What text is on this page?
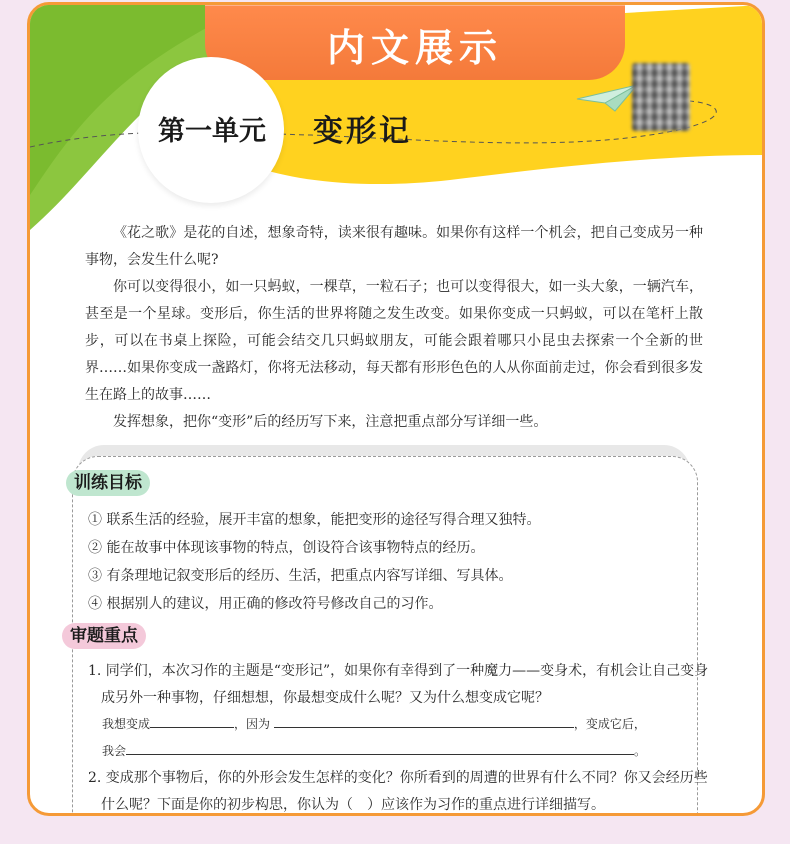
内文展示
第一单元	变形记

《花之歌》是花的自述，想象奇特，读来很有趣味。如果你有这样一个机会，把自己变成另一种事物，会发生什么呢?

你可以变得很小，如一只蚂蚁，一棵草，一粒石子；也可以变得很大，如一头大象，一辆汽车，甚至是一个星球。变形后，你生活的世界将随之发生改变。如果你变成一只蚂蚁，可以在笔杆上散步，可以在书桌上探险，可能会结交几只蚂蚁朋友，可能会跟着哪只小昆虫去探索一个全新的世界……如果你变成一盏路灯，你将无法移动，每天都有形形色色的人从你面前走过，你会看到很多发生在路上的故事……

发挥想象，把你“变形”后的经历写下来，注意把重点部分写详细一些。

训练目标
① 联系生活的经验，展开丰富的想象，能把变形的途径写得合理又独特。
② 能在故事中体现该事物的特点，创设符合该事物特点的经历。
③ 有条理地记叙变形后的经历、生活，把重点内容写详细、写具体。
④ 根据别人的建议，用正确的修改符号修改自己的习作。
审题重点
1. 同学们，本次习作的主题是“变形记”，如果你有幸得到了一种魔力——变身术，有机会让自己变身成另外一种事物，仔细想想，你最想变成什么呢？又为什么想变成它呢？
我想变成	，因为	，变成它后，
我会	。
2. 变成那个事物后，你的外形会发生怎样的变化？你所看到的周遭的世界有什么不同？你又会经历些什么呢？下面是你的初步构思，你认为（　）应该作为习作的重点进行详细描写。
